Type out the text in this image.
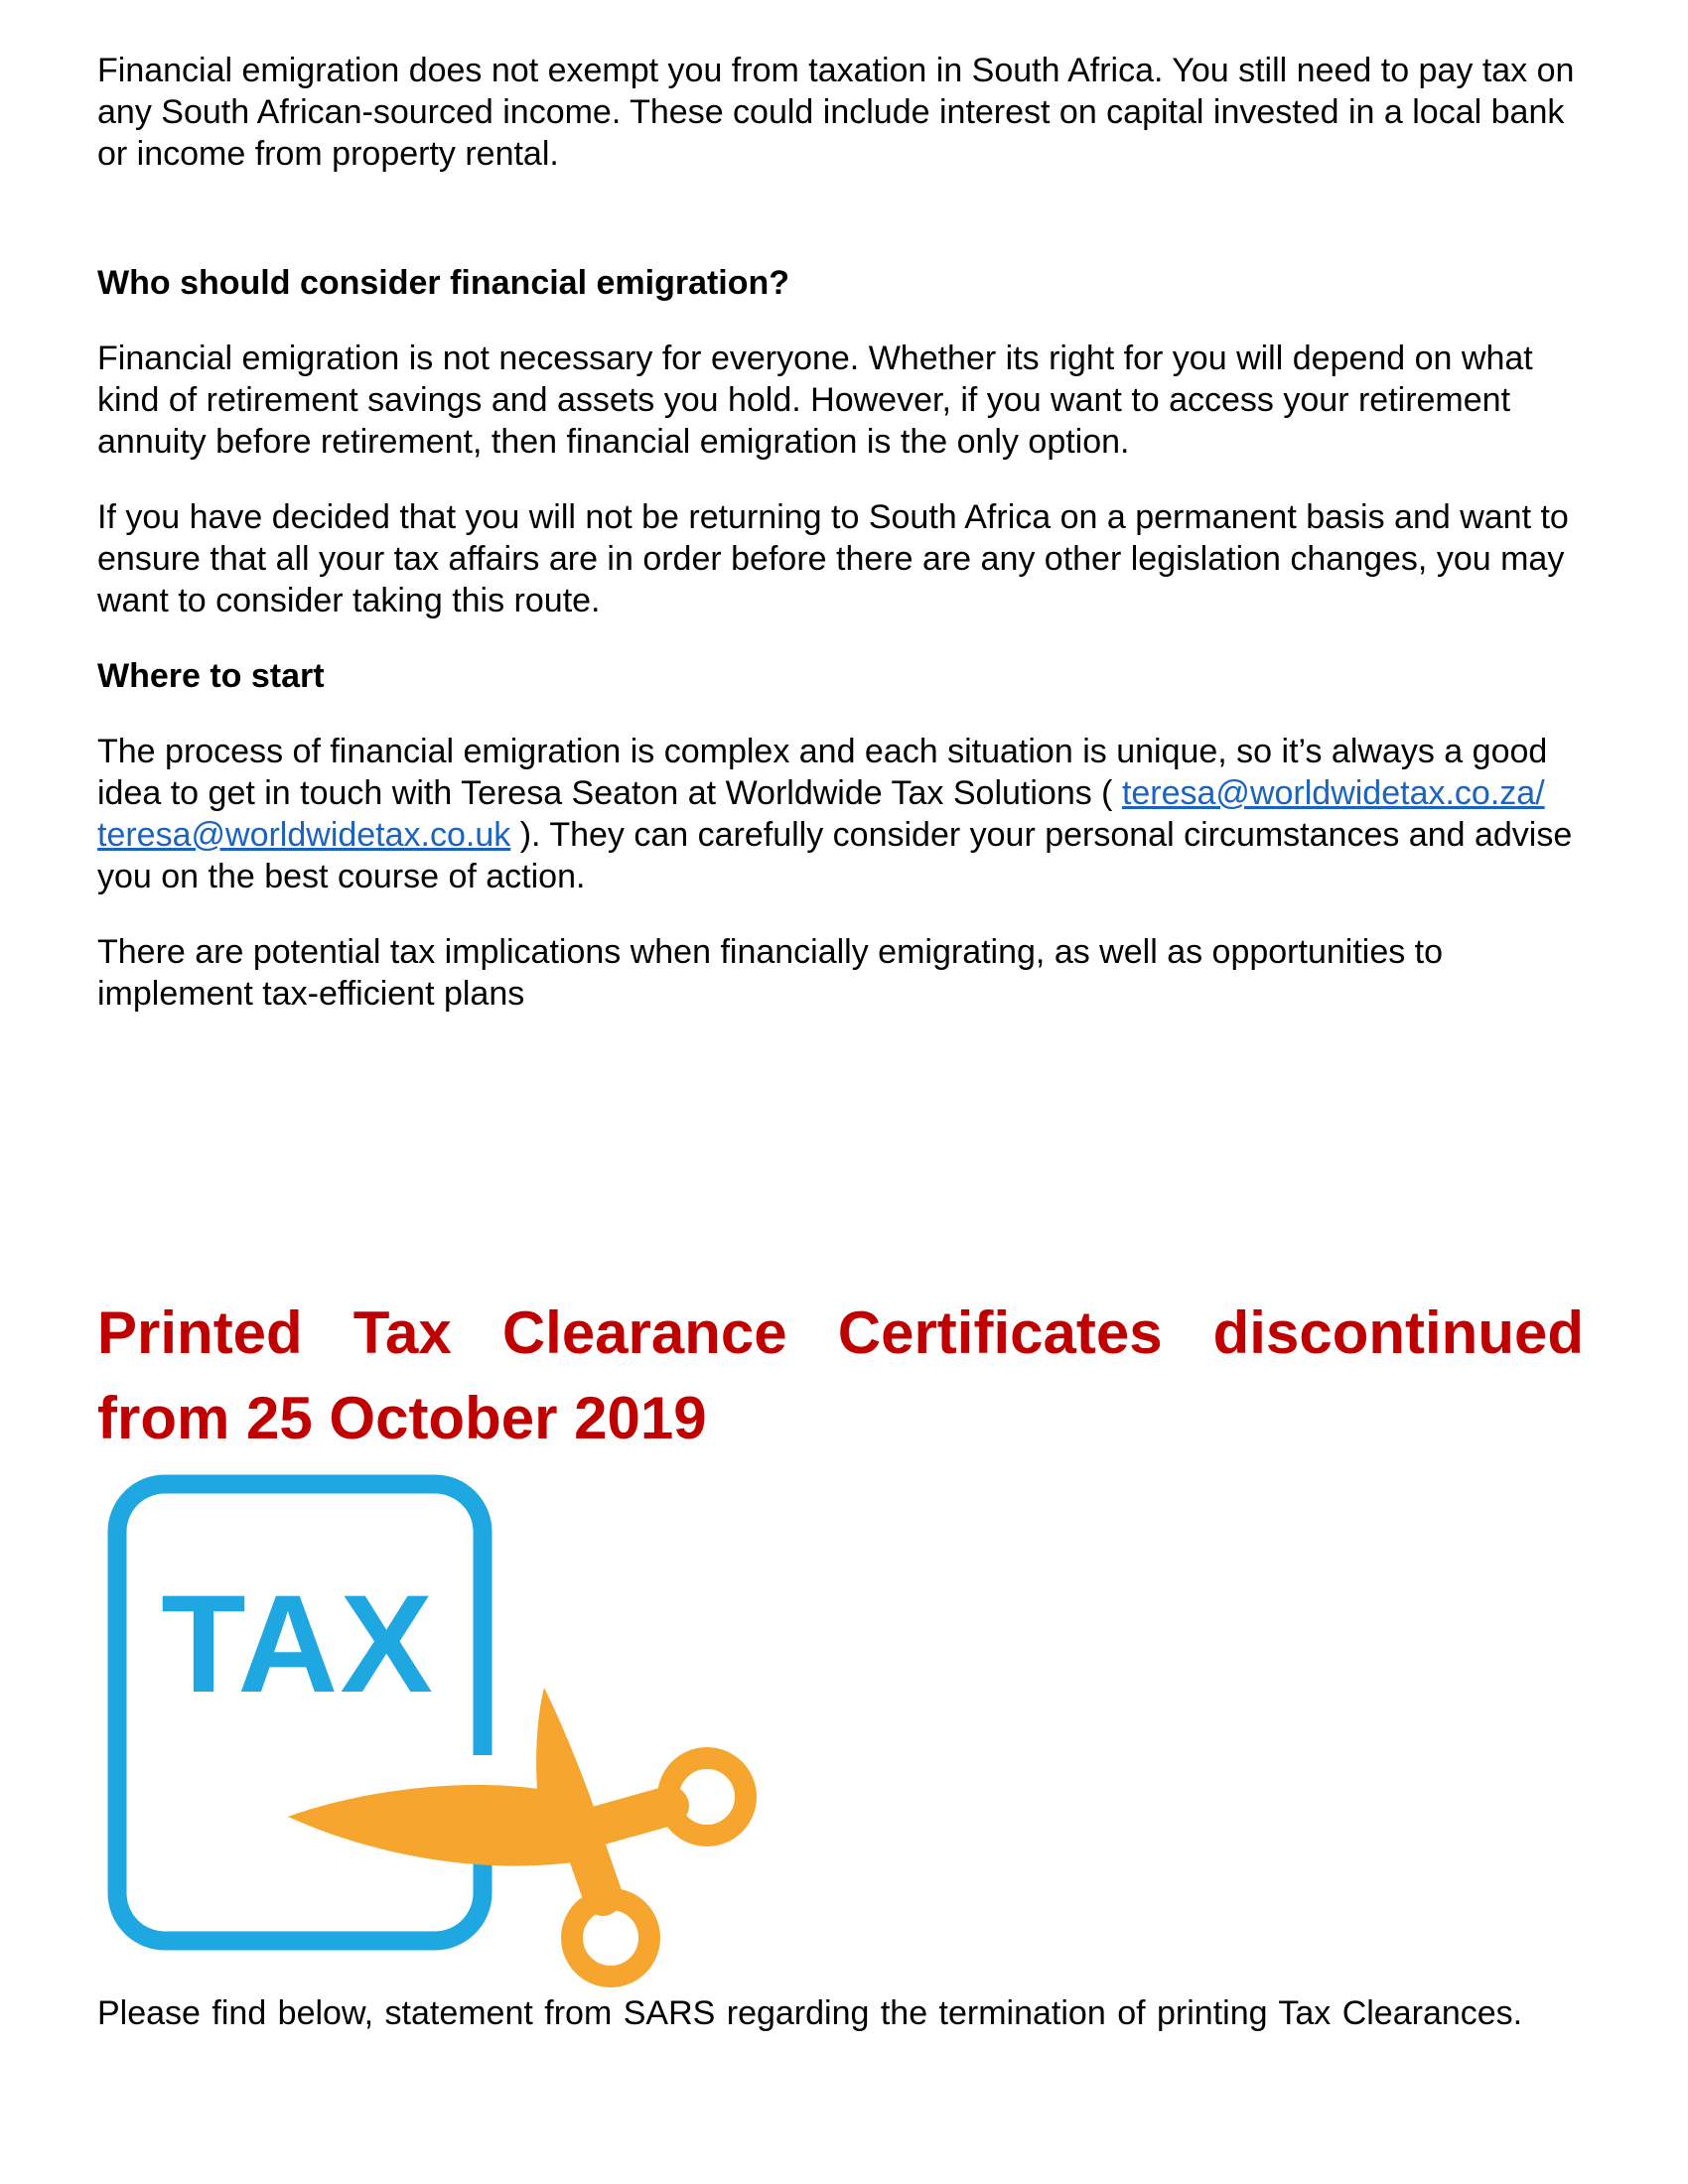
Financial emigration does not exempt you from taxation in South Africa. You still need to pay tax on any South African-sourced income. These could include interest on capital invested in a local bank or income from property rental.

Who should consider financial emigration?

Financial emigration is not necessary for everyone. Whether its right for you will depend on what kind of retirement savings and assets you hold. However, if you want to access your retirement annuity before retirement, then financial emigration is the only option.

If you have decided that you will not be returning to South Africa on a permanent basis and want to ensure that all your tax affairs are in order before there are any other legislation changes, you may want to consider taking this route.

Where to start

The process of financial emigration is complex and each situation is unique, so it’s always a good idea to get in touch with Teresa Seaton at Worldwide Tax Solutions ( teresa@worldwidetax.co.za/ teresa@worldwidetax.co.uk ). They can carefully consider your personal circumstances and advise you on the best course of action.

There are potential tax implications when financially emigrating, as well as opportunities to implement tax-efficient plans

Printed Tax Clearance Certificates discontinued from 25 October 2019

TAX

Please find below, statement from SARS regarding the termination of printing Tax Clearances.
